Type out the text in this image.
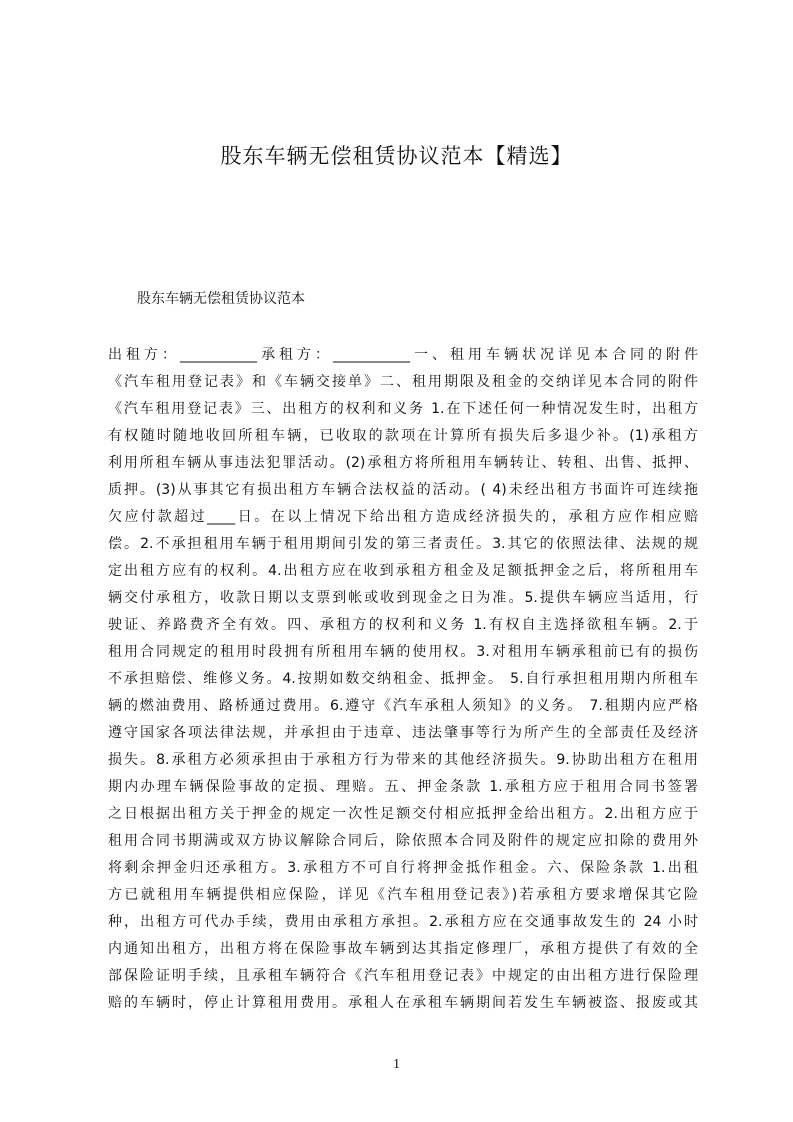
股东车辆无偿租赁协议范本【精选】
股东车辆无偿租赁协议范本
出租方：___________承租方：___________一、租用车辆状况详见本合同的附件
《汽车租用登记表》和《车辆交接单》二、租用期限及租金的交纳详见本合同的附件
《汽车租用登记表》三、出租方的权利和义务 1.在下述任何一种情况发生时，出租方
有权随时随地收回所租车辆，已收取的款项在计算所有损失后多退少补。(1)承租方
利用所租车辆从事违法犯罪活动。(2)承租方将所租用车辆转让、转租、出售、抵押、
质押。(3)从事其它有损出租方车辆合法权益的活动。( 4)未经出租方书面许可连续拖
欠应付款超过____日。在以上情况下给出租方造成经济损失的，承租方应作相应赔
偿。2.不承担租用车辆于租用期间引发的第三者责任。3.其它的依照法律、法规的规
定出租方应有的权利。4.出租方应在收到承租方租金及足额抵押金之后，将所租用车
辆交付承租方，收款日期以支票到帐或收到现金之日为准。5.提供车辆应当适用，行
驶证、养路费齐全有效。四、承租方的权利和义务 1.有权自主选择欲租车辆。2.于
租用合同规定的租用时段拥有所租用车辆的使用权。3.对租用车辆承租前已有的损伤
不承担赔偿、维修义务。4.按期如数交纳租金、抵押金。 5.自行承担租用期内所租车
辆的燃油费用、路桥通过费用。6.遵守《汽车承租人须知》的义务。 7.租期内应严格
遵守国家各项法律法规，并承担由于违章、违法肇事等行为所产生的全部责任及经济
损失。8.承租方必须承担由于承租方行为带来的其他经济损失。9.协助出租方在租用
期内办理车辆保险事故的定损、理赔。五、押金条款 1.承租方应于租用合同书签署
之日根据出租方关于押金的规定一次性足额交付相应抵押金给出租方。2.出租方应于
租用合同书期满或双方协议解除合同后，除依照本合同及附件的规定应扣除的费用外
将剩余押金归还承租方。3.承租方不可自行将押金抵作租金。六、保险条款 1.出租
方已就租用车辆提供相应保险，详见《汽车租用登记表》)若承租方要求增保其它险
种，出租方可代办手续，费用由承租方承担。2.承租方应在交通事故发生的 24 小时
内通知出租方，出租方将在保险事故车辆到达其指定修理厂，承租方提供了有效的全
部保险证明手续，且承租车辆符合《汽车租用登记表》中规定的由出租方进行保险理
赔的车辆时，停止计算租用费用。承租人在承租车辆期间若发生车辆被盗、报废或其
1
